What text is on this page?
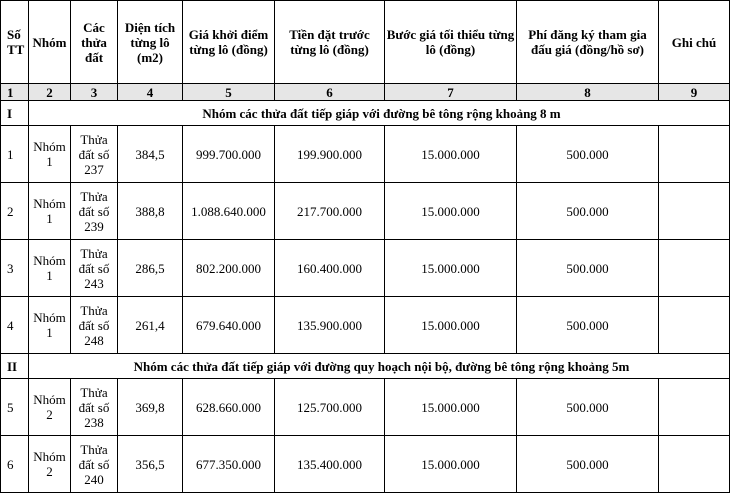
Số TT	Nhóm	Các thửa đất	Diện tích từng lô (m2)	Giá khởi điểm từng lô (đồng)	Tiền đặt trước từng lô (đồng)	Bước giá tối thiểu từng lô (đồng)	Phí đăng ký tham gia đấu giá (đồng/hồ sơ)	Ghi chú
1	2	3	4	5	6	7	8	9
I	Nhóm các thửa đất tiếp giáp với đường bê tông rộng khoảng 8 m							
1	Nhóm 1	Thửa đất số 237	384,5	999.700.000	199.900.000	15.000.000	500.000	
2	Nhóm 1	Thửa đất số 239	388,8	1.088.640.000	217.700.000	15.000.000	500.000	
3	Nhóm 1	Thửa đất số 243	286,5	802.200.000	160.400.000	15.000.000	500.000	
4	Nhóm 1	Thửa đất số 248	261,4	679.640.000	135.900.000	15.000.000	500.000	
II	Nhóm các thửa đất tiếp giáp với đường quy hoạch nội bộ, đường bê tông rộng khoảng 5m							
5	Nhóm 2	Thửa đất số 238	369,8	628.660.000	125.700.000	15.000.000	500.000	
6	Nhóm 2	Thửa đất số 240	356,5	677.350.000	135.400.000	15.000.000	500.000	
